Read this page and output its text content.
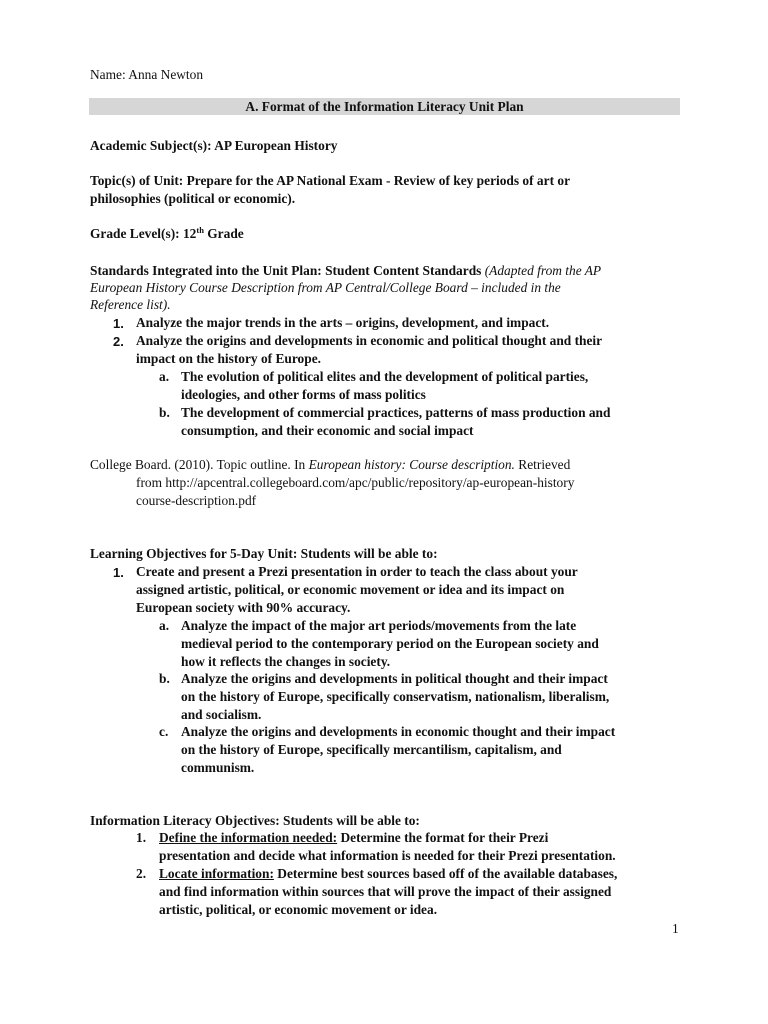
Name: Anna Newton
A. Format of the Information Literacy Unit Plan
Academic Subject(s): AP European History
Topic(s) of Unit: Prepare for the AP National Exam - Review of key periods of art or
philosophies (political or economic).
Grade Level(s): 12th Grade
Standards Integrated into the Unit Plan: Student Content Standards (Adapted from the AP
European History Course Description from AP Central/College Board – included in the
Reference list).
1. Analyze the major trends in the arts – origins, development, and impact.
2. Analyze the origins and developments in economic and political thought and their
impact on the history of Europe.
a. The evolution of political elites and the development of political parties,
ideologies, and other forms of mass politics
b. The development of commercial practices, patterns of mass production and
consumption, and their economic and social impact
College Board. (2010). Topic outline. In European history: Course description. Retrieved
from http://apcentral.collegeboard.com/apc/public/repository/ap-european-history
course-description.pdf
Learning Objectives for 5-Day Unit: Students will be able to:
1. Create and present a Prezi presentation in order to teach the class about your
assigned artistic, political, or economic movement or idea and its impact on
European society with 90% accuracy.
a. Analyze the impact of the major art periods/movements from the late
medieval period to the contemporary period on the European society and
how it reflects the changes in society.
b. Analyze the origins and developments in political thought and their impact
on the history of Europe, specifically conservatism, nationalism, liberalism,
and socialism.
c. Analyze the origins and developments in economic thought and their impact
on the history of Europe, specifically mercantilism, capitalism, and
communism.
Information Literacy Objectives: Students will be able to:
1. Define the information needed: Determine the format for their Prezi
presentation and decide what information is needed for their Prezi presentation.
2. Locate information: Determine best sources based off of the available databases,
and find information within sources that will prove the impact of their assigned
artistic, political, or economic movement or idea.
1
